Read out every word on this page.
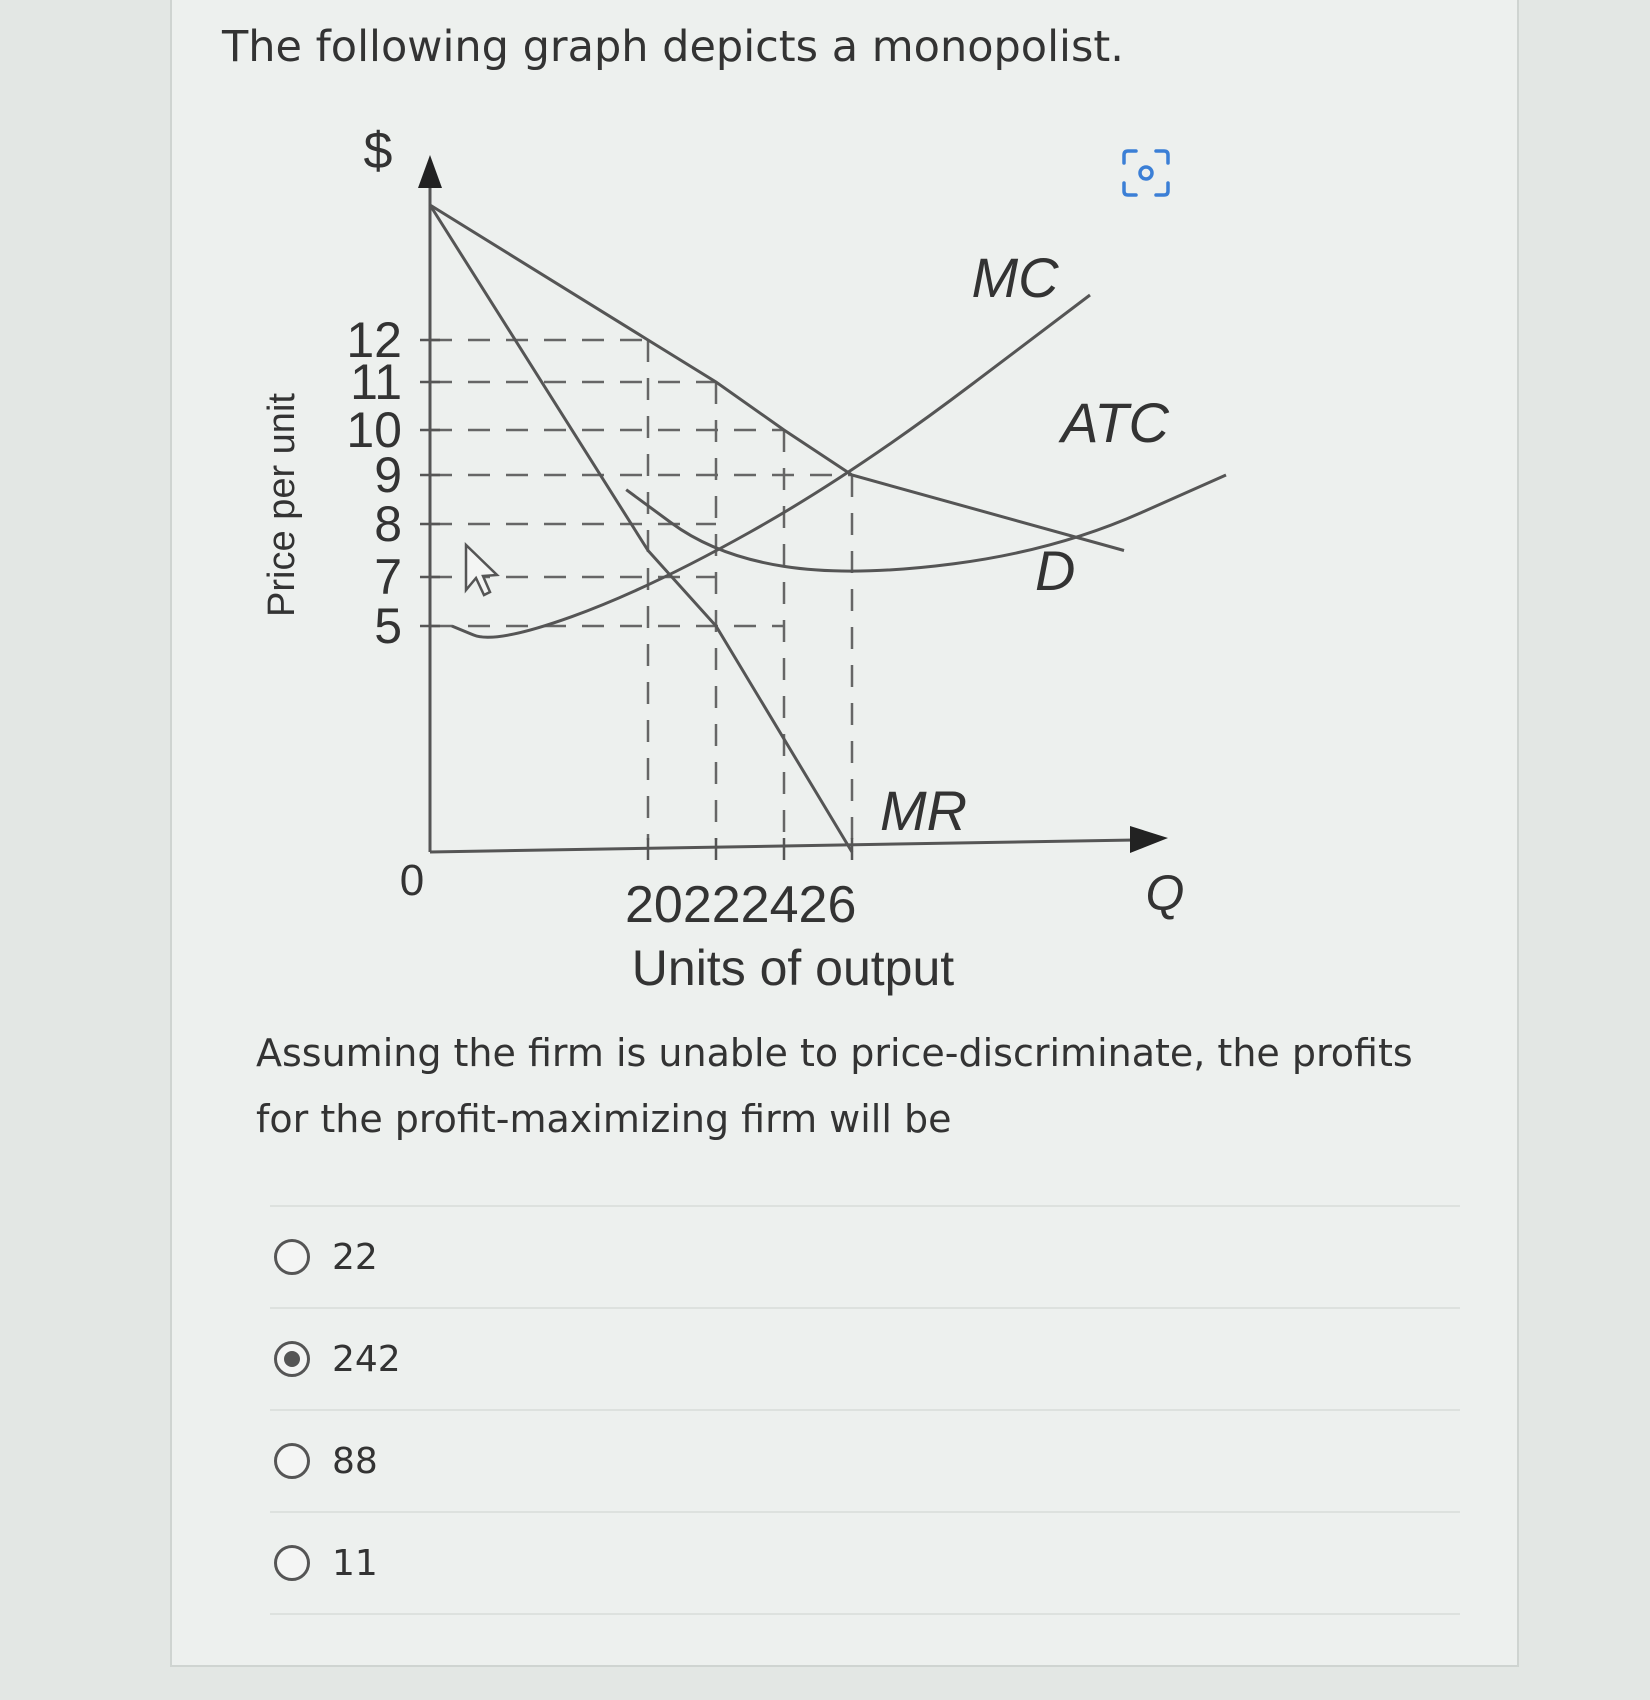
The following graph depicts a monopolist.
5
7
8
9
10
11
12
D
MR
MC
ATC
$
Price per unit
0	20222426
Units of output
Q
Assuming the firm is unable to price-discriminate, the profits for the profit-maximizing firm will be
22
242
88
11
